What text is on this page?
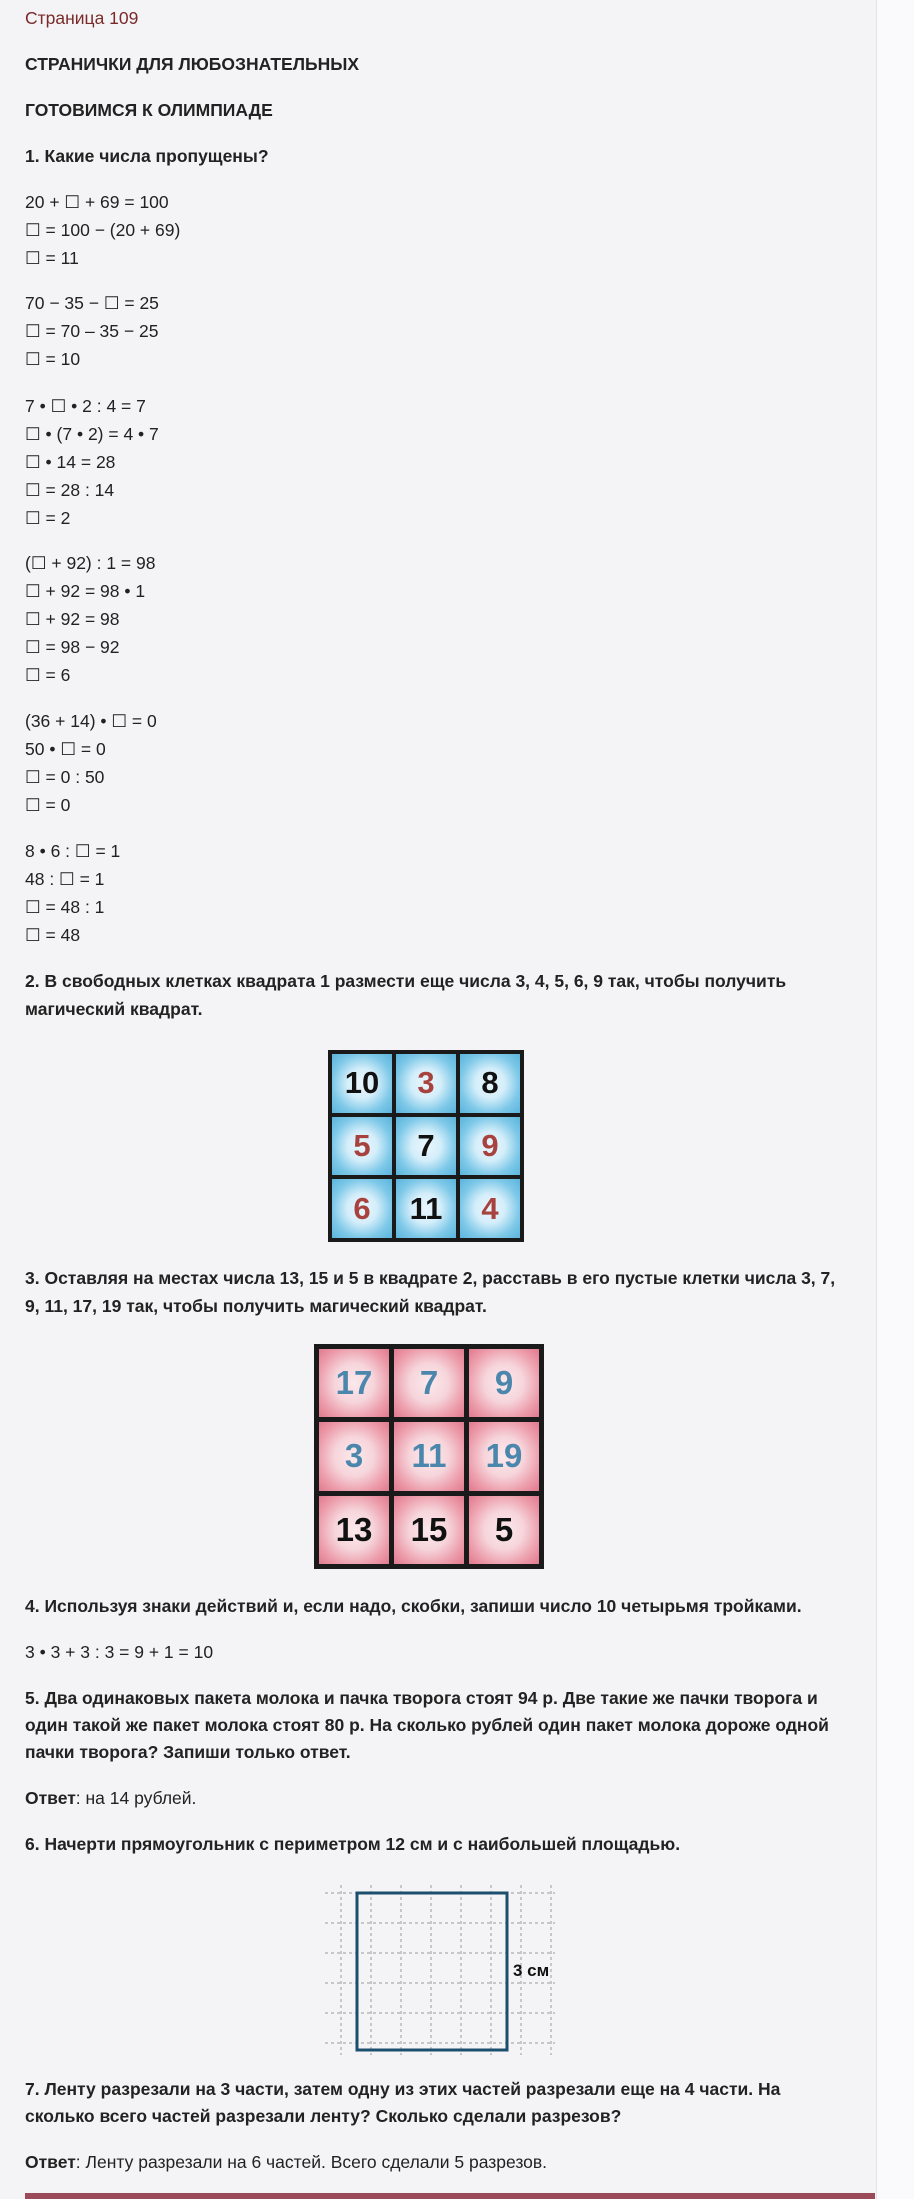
Страница 109
СТРАНИЧКИ ДЛЯ ЛЮБОЗНАТЕЛЬНЫХ
ГОТОВИМСЯ К ОЛИМПИАДЕ
1. Какие числа пропущены?
20 + ☐ + 69 = 100
☐ = 100 − (20 + 69)
☐ = 11
70 − 35 − ☐ = 25
☐ = 70 – 35 − 25
☐ = 10
7 • ☐ • 2 : 4 = 7
☐ • (7 • 2) = 4 • 7
☐ • 14 = 28
☐ = 28 : 14
☐ = 2
(☐ + 92) : 1 = 98
☐ + 92 = 98 • 1
☐ + 92 = 98
☐ = 98 − 92
☐ = 6
(36 + 14) • ☐ = 0
50 • ☐ = 0
☐ = 0 : 50
☐ = 0
8 • 6 : ☐ = 1
48 : ☐ = 1
☐ = 48 : 1
☐ = 48
2. В свободных клетках квадрата 1 размести еще числа 3, 4, 5, 6, 9 так, чтобы получить
магический квадрат.
3. Оставляя на местах числа 13, 15 и 5 в квадрате 2, расставь в его пустые клетки числа 3, 7,
9, 11, 17, 19 так, чтобы получить магический квадрат.
4. Используя знаки действий и, если надо, скобки, запиши число 10 четырьмя тройками.
3 • 3 + 3 : 3 = 9 + 1 = 10
5. Два одинаковых пакета молока и пачка творога стоят 94 р. Две такие же пачки творога и
один такой же пакет молока стоят 80 р. На сколько рублей один пакет молока дороже одной
пачки творога? Запиши только ответ.
Ответ: на 14 рублей.
6. Начерти прямоугольник с периметром 12 см и с наибольшей площадью.
7. Ленту разрезали на 3 части, затем одну из этих частей разрезали еще на 4 части. На
сколько всего частей разрезали ленту? Сколько сделали разрезов?
Ответ: Ленту разрезали на 6 частей. Всего сделали 5 разрезов.
10 3 8
5 7 9
6 11 4
17 7 9
3 11 19
13 15 5
3 см
